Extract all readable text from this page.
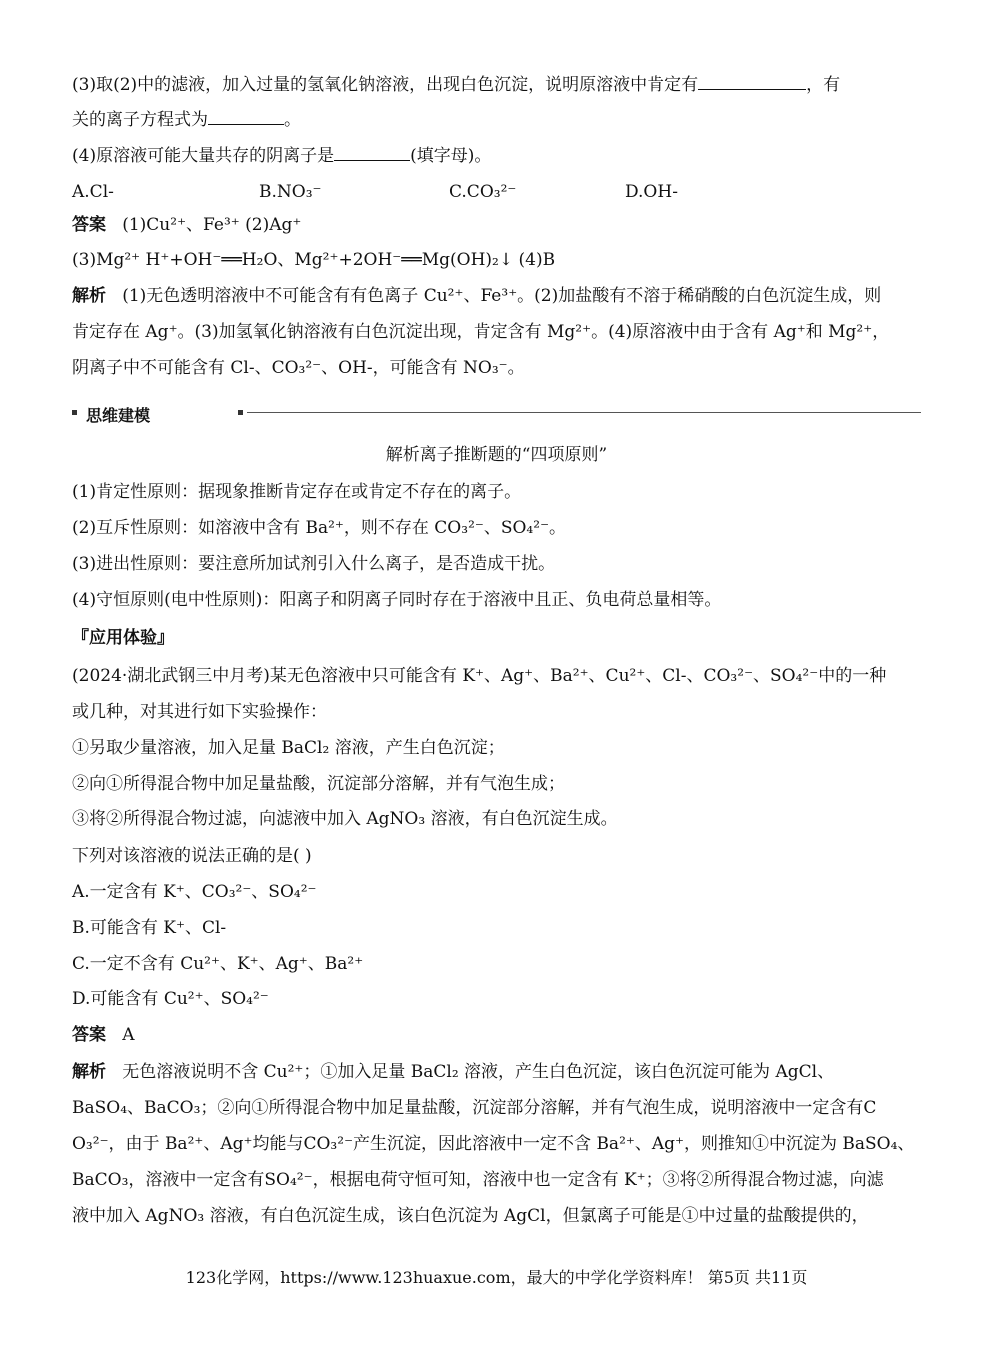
(3)取(2)中的滤液，加入过量的氢氧化钠溶液，出现白色沉淀，说明原溶液中肯定有	，有
关的离子方程式为	。
(4)原溶液可能大量共存的阴离子是	(填字母)。
A.Cl-	B.NO₃⁻	C.CO₃²⁻	D.OH-
答案 (1)Cu²⁺、Fe³⁺ (2)Ag⁺
(3)Mg²⁺ H⁺+OH⁻══H₂O、Mg²⁺+2OH⁻══Mg(OH)₂↓ (4)B
解析 (1)无色透明溶液中不可能含有有色离子 Cu²⁺、Fe³⁺。(2)加盐酸有不溶于稀硝酸的白色沉淀生成，则
肯定存在 Ag⁺。(3)加氢氧化钠溶液有白色沉淀出现，肯定含有 Mg²⁺。(4)原溶液中由于含有 Ag⁺和 Mg²⁺，
阴离子中不可能含有 Cl-、CO₃²⁻、OH-，可能含有 NO₃⁻。
思维建模
解析离子推断题的“四项原则”
(1)肯定性原则：据现象推断肯定存在或肯定不存在的离子。
(2)互斥性原则：如溶液中含有 Ba²⁺，则不存在 CO₃²⁻、SO₄²⁻。
(3)进出性原则：要注意所加试剂引入什么离子，是否造成干扰。
(4)守恒原则(电中性原则)：阳离子和阴离子同时存在于溶液中且正、负电荷总量相等。
『应用体验』
(2024·湖北武钢三中月考)某无色溶液中只可能含有 K⁺、Ag⁺、Ba²⁺、Cu²⁺、Cl-、CO₃²⁻、SO₄²⁻中的一种
或几种，对其进行如下实验操作：
①另取少量溶液，加入足量 BaCl₂ 溶液，产生白色沉淀；
②向①所得混合物中加足量盐酸，沉淀部分溶解，并有气泡生成；
③将②所得混合物过滤，向滤液中加入 AgNO₃ 溶液，有白色沉淀生成。
下列对该溶液的说法正确的是( )
A.一定含有 K⁺、CO₃²⁻、SO₄²⁻
B.可能含有 K⁺、Cl-
C.一定不含有 Cu²⁺、K⁺、Ag⁺、Ba²⁺
D.可能含有 Cu²⁺、SO₄²⁻
答案 A
解析 无色溶液说明不含 Cu²⁺；①加入足量 BaCl₂ 溶液，产生白色沉淀，该白色沉淀可能为 AgCl、
BaSO₄、BaCO₃；②向①所得混合物中加足量盐酸，沉淀部分溶解，并有气泡生成，说明溶液中一定含有C
O₃²⁻，由于 Ba²⁺、Ag⁺均能与CO₃²⁻产生沉淀，因此溶液中一定不含 Ba²⁺、Ag⁺，则推知①中沉淀为 BaSO₄、
BaCO₃，溶液中一定含有SO₄²⁻，根据电荷守恒可知，溶液中也一定含有 K⁺；③将②所得混合物过滤，向滤
液中加入 AgNO₃ 溶液，有白色沉淀生成，该白色沉淀为 AgCl，但氯离子可能是①中过量的盐酸提供的，
123化学网，https://www.123huaxue.com，最大的中学化学资料库！ 第5页 共11页
